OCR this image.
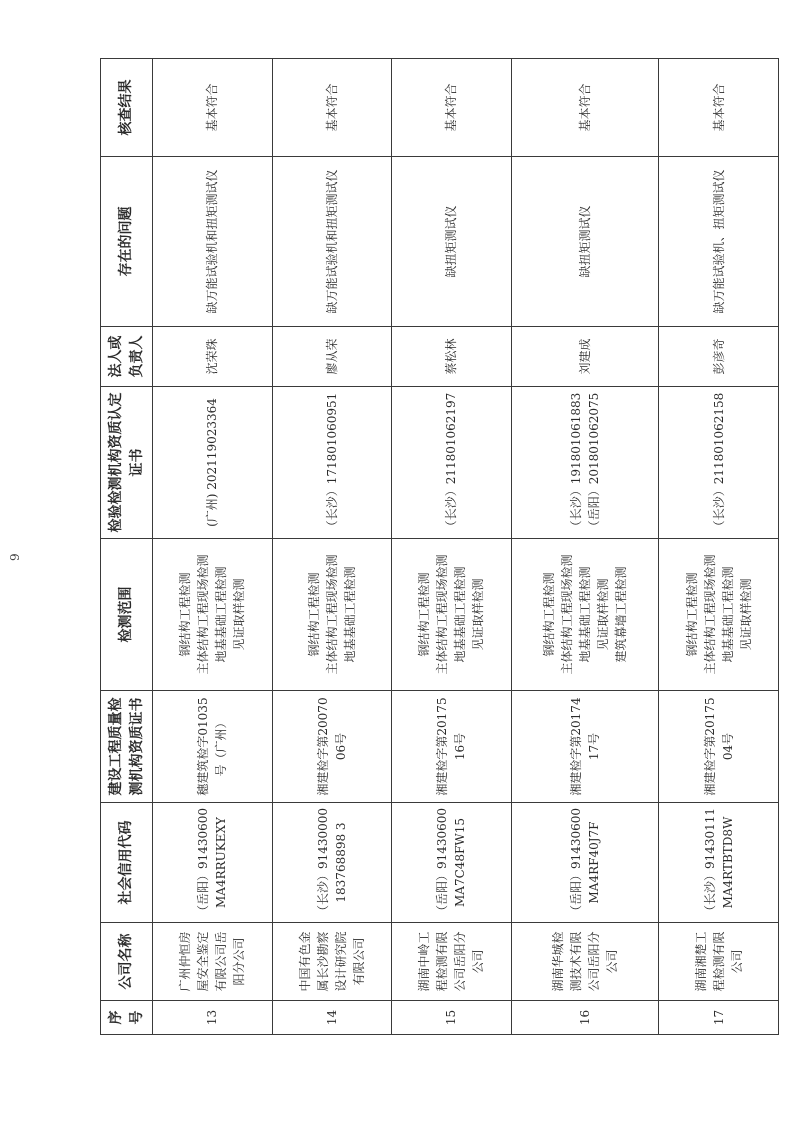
序号	公司名称	社会信用代码	建设工程质量检测机构资质证书	检测范围	检验检测机构资质认定证书	法人或负责人	存在的问题	核查结果
13	广州仲恒房屋安全鉴定有限公司岳阳分公司	（岳阳）91430600MA4RRUKEXY	穗建筑检字01035号（广州）	钢结构工程检测 主体结构工程现场检测 地基基础工程检测 见证取样检测	(广州) 202119023364	沈荣珠	缺万能试验机和扭矩测试仪	基本符合
14	中国有色金属长沙勘察设计研究院有限公司	（长沙）91430000183768898 3	湘建检字第2007006号	钢结构工程检测 主体结构工程现场检测 地基基础工程检测	（长沙）171801060951	廖从荣	缺万能试验机和扭矩测试仪	基本符合
15	湖南中岭工程检测有限公司岳阳分公司	（岳阳）91430600MA7C48FW15	湘建检字第2017516号	钢结构工程检测 主体结构工程现场检测 地基基础工程检测 见证取样检测	（长沙）211801062197	蔡松林	缺扭矩测试仪	基本符合
16	湖南华城检测技术有限公司岳阳分公司	（岳阳）91430600MA4RF40J7F	湘建检字第2017417号	钢结构工程检测 主体结构工程现场检测 地基基础工程检测 见证取样检测 建筑幕墙工程检测	（长沙）191801061883 （岳阳）201801062075	刘建成	缺扭矩测试仪	基本符合
17	湖南湘楚工程检测有限公司	（长沙）91430111MA4RTBTD8W	湘建检字第2017504号	钢结构工程检测 主体结构工程现场检测 地基基础工程检测 见证取样检测	（长沙）211801062158	彭彦奇	缺万能试验机、扭矩测试仪	基本符合
9
